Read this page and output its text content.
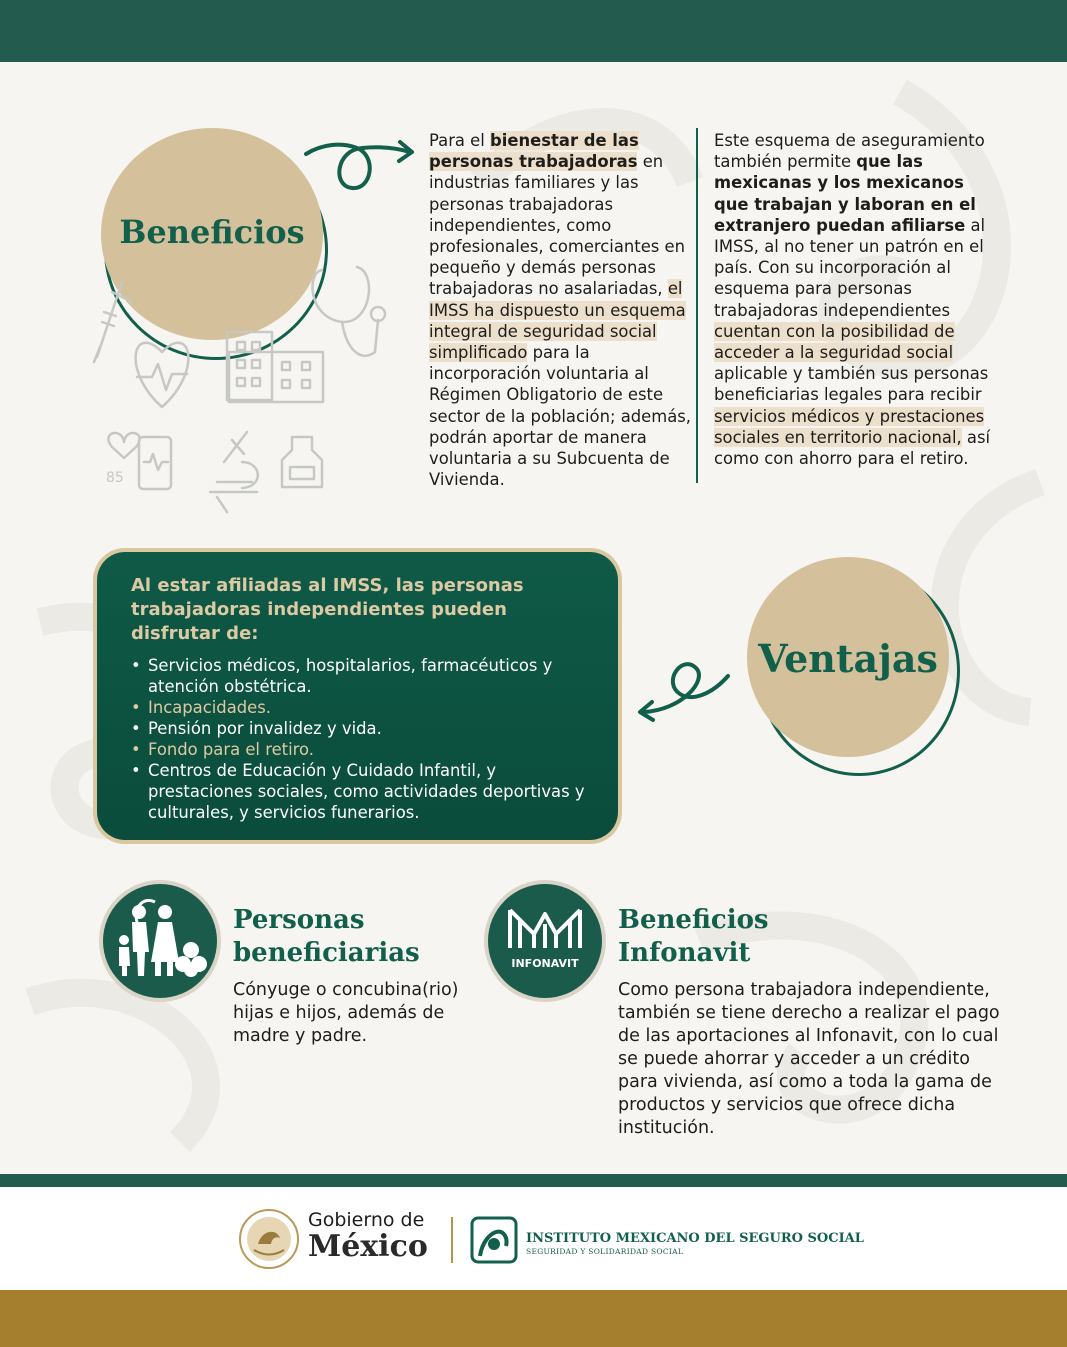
Beneficios
85
Para el bienestar de las personas trabajadoras en industrias familiares y las personas trabajadoras independientes, como profesionales, comerciantes en pequeño y demás personas trabajadoras no asalariadas, el IMSS ha dispuesto un esquema integral de seguridad social simplificado para la incorporación voluntaria al Régimen Obligatorio de este sector de la población; además, podrán aportar de manera voluntaria a su Subcuenta de Vivienda.
Este esquema de aseguramiento también permite que las mexicanas y los mexicanos que trabajan y laboran en el extranjero puedan afiliarse al IMSS, al no tener un patrón en el país. Con su incorporación al esquema para personas trabajadoras independientes cuentan con la posibilidad de acceder a la seguridad social aplicable y también sus personas beneficiarias legales para recibir servicios médicos y prestaciones sociales en territorio nacional, así como con ahorro para el retiro.

Al estar afiliadas al IMSS, las personas trabajadoras independientes pueden disfrutar de:

• Servicios médicos, hospitalarios, farmacéuticos y atención obstétrica.
• Incapacidades.
• Pensión por invalidez y vida.
• Fondo para el retiro.
• Centros de Educación y Cuidado Infantil, y prestaciones sociales, como actividades deportivas y culturales, y servicios funerarios.
Ventajas
Personas
beneficiarias
Cónyuge o concubina(rio) hijas e hijos, además de madre y padre.
INFONAVIT
Beneficios
Infonavit
Como persona trabajadora independiente, también se tiene derecho a realizar el pago de las aportaciones al Infonavit, con lo cual se puede ahorrar y acceder a un crédito para vivienda, así como a toda la gama de productos y servicios que ofrece dicha institución.
Gobierno de
México	INSTITUTO MEXICANO DEL SEGURO SOCIAL
SEGURIDAD Y SOLIDARIDAD SOCIAL
